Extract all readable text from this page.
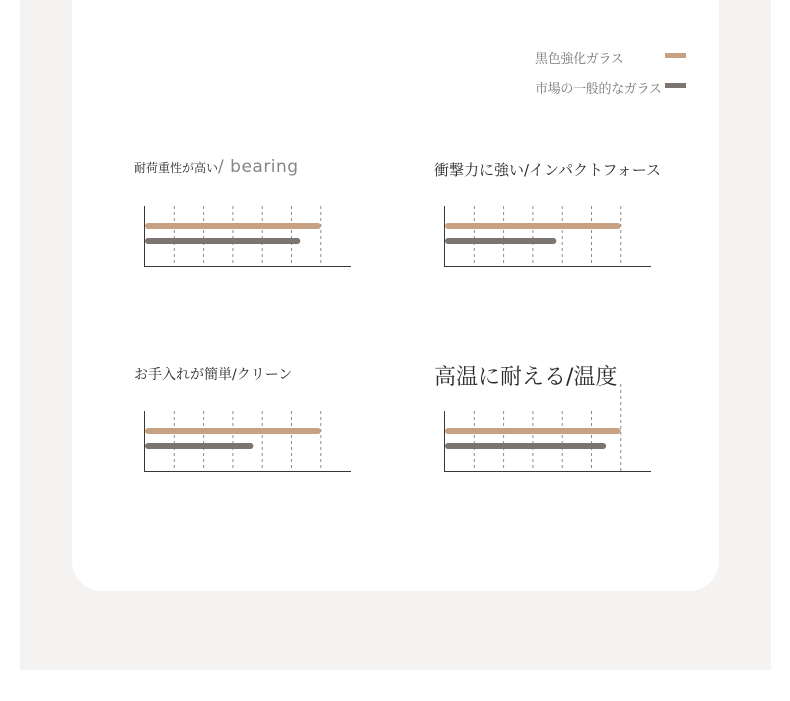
黒色強化ガラス
市場の一般的なガラス
耐荷重性が高い/ bearing	衝撃力に強い/インパクトフォース
お手入れが簡単/クリーン	高温に耐える/温度
